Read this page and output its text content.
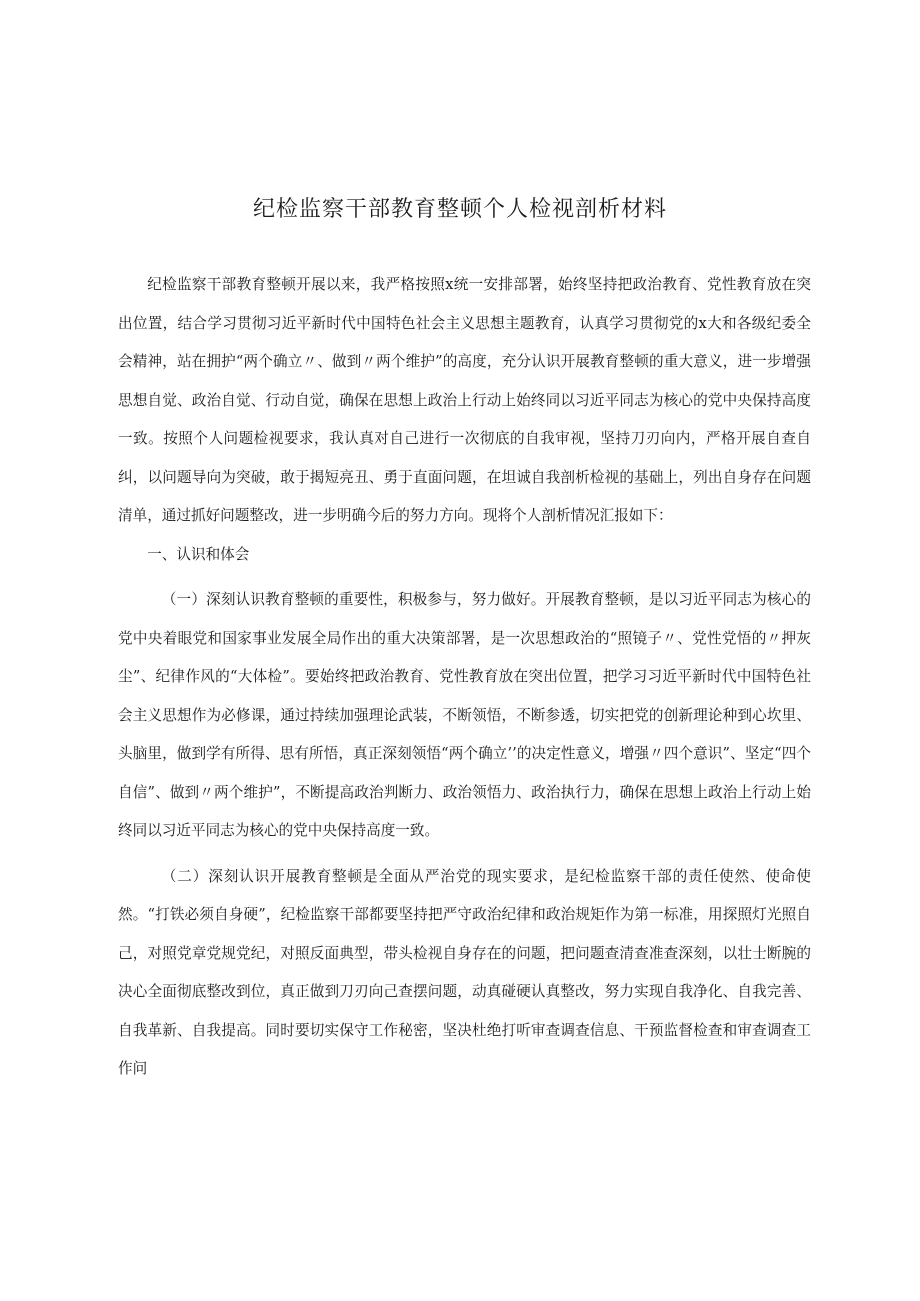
纪检监察干部教育整顿个人检视剖析材料

纪检监察干部教育整顿开展以来，我严格按照x统一安排部署，始终坚持把政治教育、党性教育放在突出位置，结合学习贯彻习近平新时代中国特色社会主义思想主题教育，认真学习贯彻党的x大和各级纪委全会精神，站在拥护“两个确立〃、做到〃两个维护”的高度，充分认识开展教育整顿的重大意义，进一步增强思想自觉、政治自觉、行动自觉，确保在思想上政治上行动上始终同以习近平同志为核心的党中央保持高度一致。按照个人问题检视要求，我认真对自己进行一次彻底的自我审视，坚持刀刃向内，严格开展自查自纠，以问题导向为突破，敢于揭短亮丑、勇于直面问题，在坦诚自我剖析检视的基础上，列出自身存在问题清单，通过抓好问题整改，进一步明确今后的努力方向。现将个人剖析情况汇报如下：

一、认识和体会

（一）深刻认识教育整顿的重要性，积极参与，努力做好。开展教育整顿，是以习近平同志为核心的党中央着眼党和国家事业发展全局作出的重大决策部署，是一次思想政治的“照镜子〃、党性党悟的〃押灰尘”、纪律作风的“大体检”。要始终把政治教育、党性教育放在突出位置，把学习习近平新时代中国特色社会主义思想作为必修课，通过持续加强理论武装，不断领悟，不断参透，切实把党的创新理论种到心坎里、头脑里，做到学有所得、思有所悟，真正深刻领悟“两个确立’’的决定性意义，增强〃四个意识”、坚定“四个自信”、做到〃两个维护”，不断提高政治判断力、政治领悟力、政治执行力，确保在思想上政治上行动上始终同以习近平同志为核心的党中央保持高度一致。

（二）深刻认识开展教育整顿是全面从严治党的现实要求，是纪检监察干部的责任使然、使命使然。“打铁必须自身硬”，纪检监察干部都要坚持把严守政治纪律和政治规矩作为第一标准，用探照灯光照自己，对照党章党规党纪，对照反面典型，带头检视自身存在的问题，把问题查清查准查深刻，以壮士断腕的决心全面彻底整改到位，真正做到刀刃向己查摆问题，动真碰硬认真整改，努力实现自我净化、自我完善、自我革新、自我提高。同时要切实保守工作秘密，坚决杜绝打听审查调查信息、干预监督检查和审查调查工作问
